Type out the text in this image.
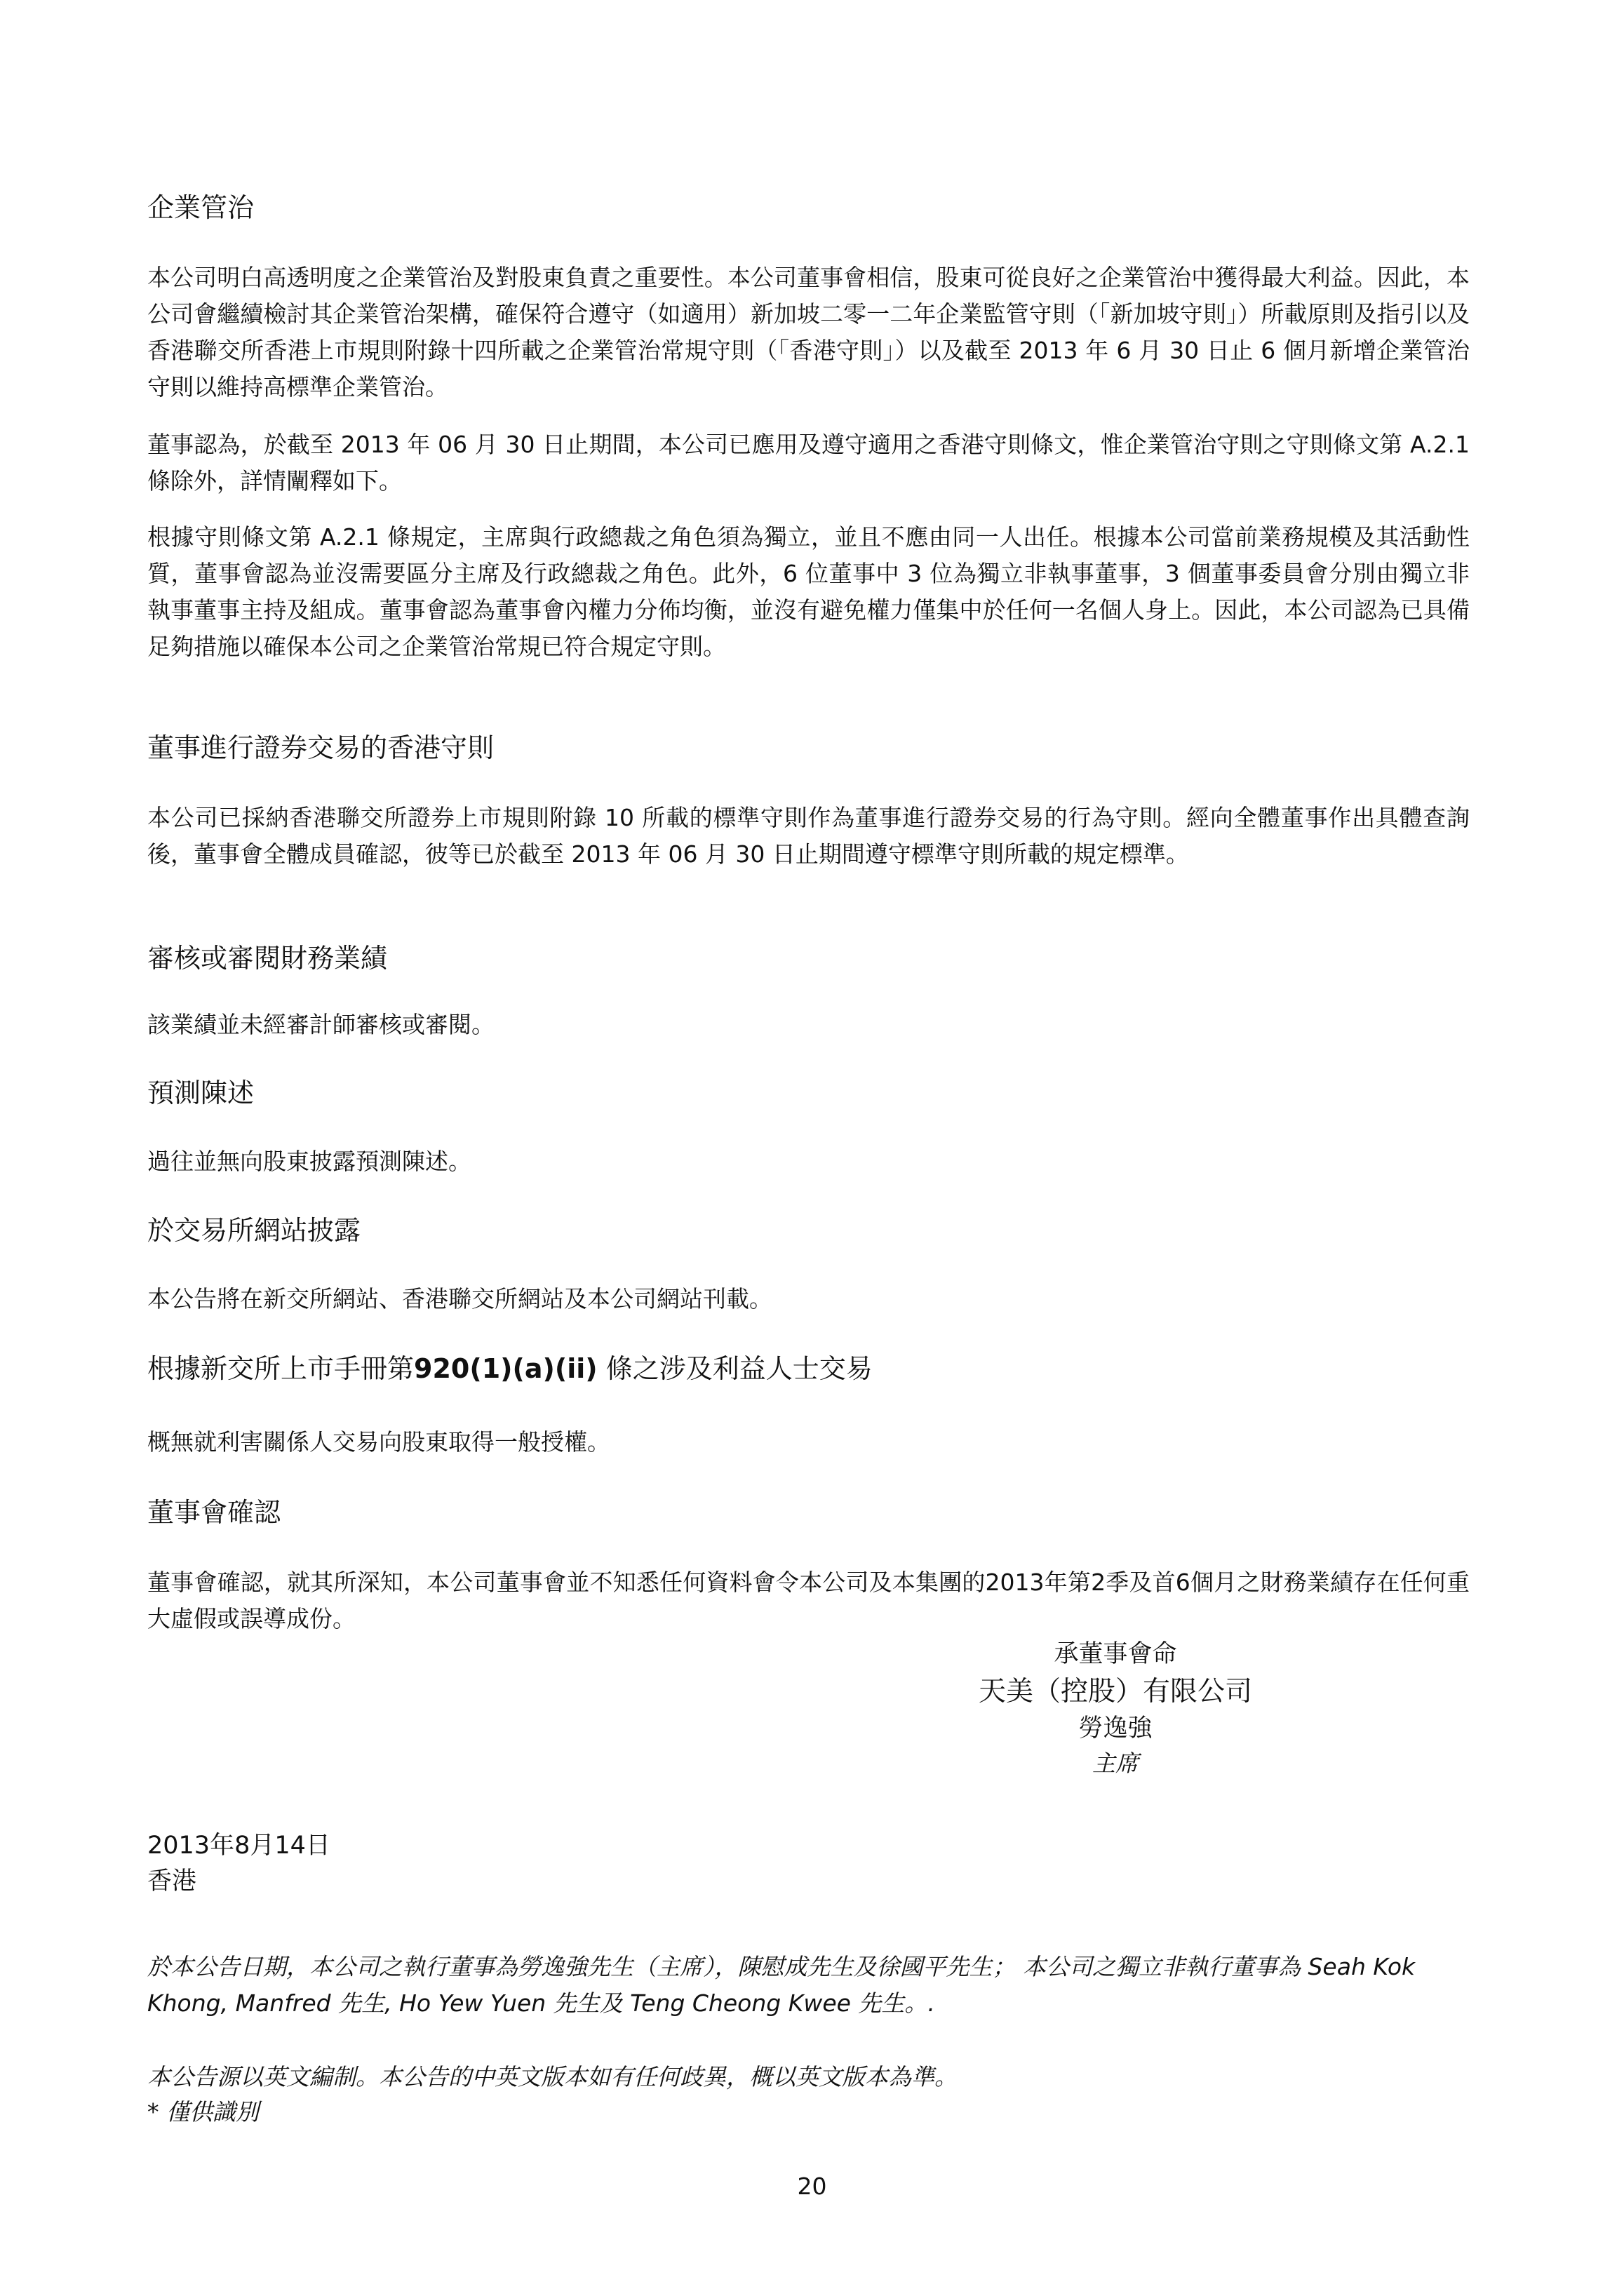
企業管治

本公司明白高透明度之企業管治及對股東負責之重要性。本公司董事會相信，股東可從良好之企業管治中獲得最大利益。因此，本公司會繼續檢討其企業管治架構，確保符合遵守（如適用）新加坡二零一二年企業監管守則（「新加坡守則」）所載原則及指引以及香港聯交所香港上市規則附錄十四所載之企業管治常規守則（「香港守則」）以及截至 2013 年 6 月 30 日止 6 個月新增企業管治守則以維持高標準企業管治。

董事認為，於截至 2013 年 06 月 30 日止期間，本公司已應用及遵守適用之香港守則條文，惟企業管治守則之守則條文第 A.2.1 條除外，詳情闡釋如下。

根據守則條文第 A.2.1 條規定，主席與行政總裁之角色須為獨立，並且不應由同一人出任。根據本公司當前業務規模及其活動性質，董事會認為並沒需要區分主席及行政總裁之角色。此外，6 位董事中 3 位為獨立非執事董事，3 個董事委員會分別由獨立非執事董事主持及組成。董事會認為董事會內權力分佈均衡，並沒有避免權力僅集中於任何一名個人身上。因此，本公司認為已具備足夠措施以確保本公司之企業管治常規已符合規定守則。

董事進行證券交易的香港守則

本公司已採納香港聯交所證券上市規則附錄 10 所載的標準守則作為董事進行證券交易的行為守則。經向全體董事作出具體查詢後，董事會全體成員確認，彼等已於截至 2013 年 06 月 30 日止期間遵守標準守則所載的規定標準。

審核或審閱財務業績

該業績並未經審計師審核或審閱。

預測陳述

過往並無向股東披露預測陳述。

於交易所網站披露

本公告將在新交所網站、香港聯交所網站及本公司網站刊載。

根據新交所上市手冊第920(1)(a)(ii) 條之涉及利益人士交易

概無就利害關係人交易向股東取得一般授權。

董事會確認

董事會確認，就其所深知，本公司董事會並不知悉任何資料會令本公司及本集團的2013年第2季及首6個月之財務業績存在任何重大虛假或誤導成份。

承董事會命

天美（控股）有限公司

勞逸強

主席

2013年8月14日

香港

於本公告日期，本公司之執行董事為勞逸強先生（主席），陳慰成先生及徐國平先生； 本公司之獨立非執行董事為 Seah Kok Khong, Manfred 先生, Ho Yew Yuen 先生及 Teng Cheong Kwee 先生。.

本公告源以英文編制。本公告的中英文版本如有任何歧異，概以英文版本為準。

* 僅供識別

20
